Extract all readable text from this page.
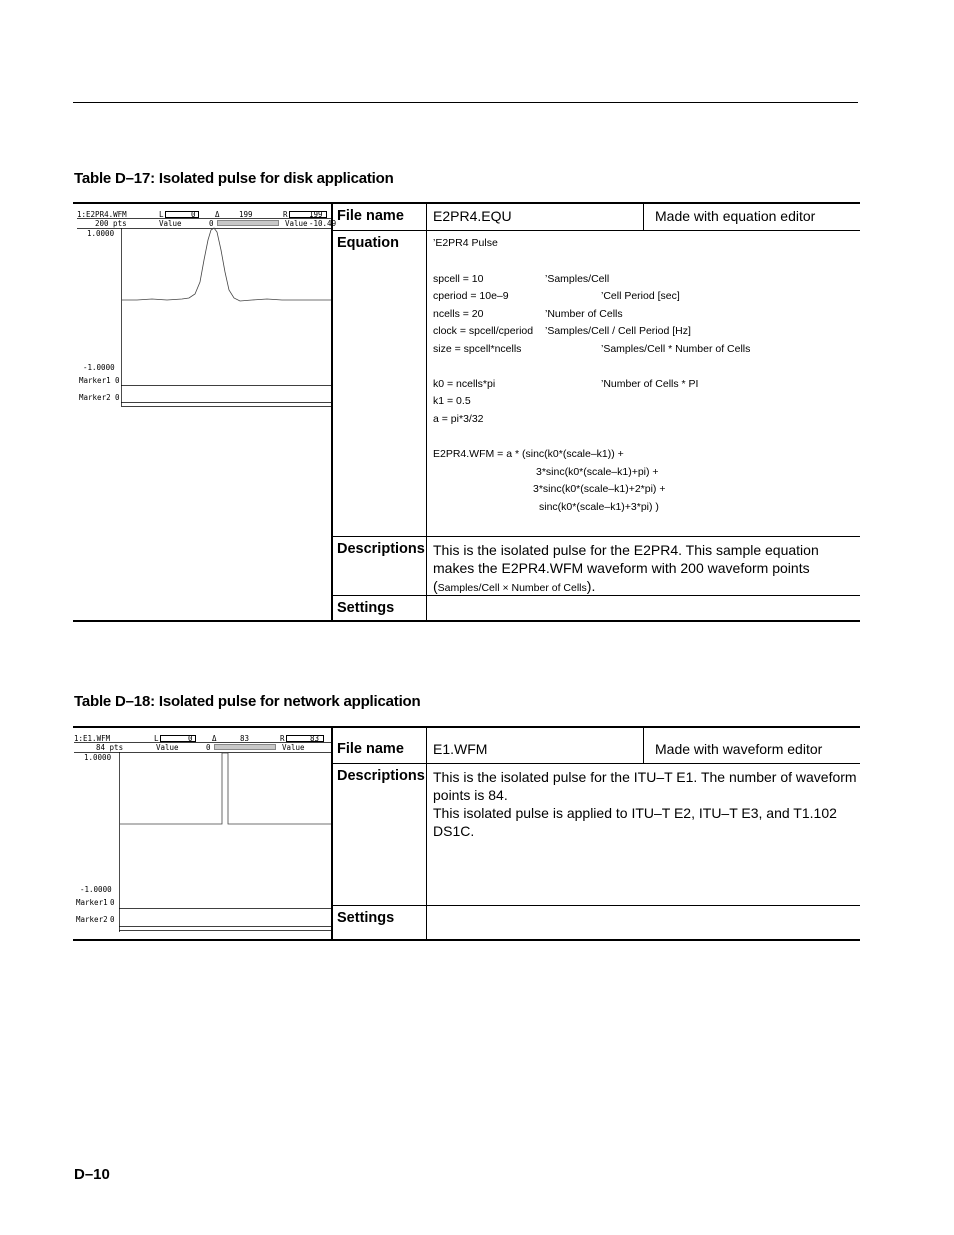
Table D–17: Isolated pulse for disk application
1:E2PR4.WFM
200 pts
L	0	Δ	199	R	199
Value	0	Value -10.49
1.0000
-1.0000
Marker1 0
Marker2 0
File name	E2PR4.EQU	Made with equation editor
Equation	’E2PR4 Pulse
spcell = 10	’Samples/Cell
cperiod = 10e–9	’Cell Period [sec]
ncells = 20	’Number of Cells
clock = spcell/cperiod ’Samples/Cell / Cell Period [Hz]
size = spcell*ncells	’Samples/Cell * Number of Cells
k0 = ncells*pi	’Number of Cells * PI
k1 = 0.5
a = pi*3/32
E2PR4.WFM = a * (sinc(k0*(scale–k1)) +
3*sinc(k0*(scale–k1)+pi) +
3*sinc(k0*(scale–k1)+2*pi) +
sinc(k0*(scale–k1)+3*pi) )
Descriptions This is the isolated pulse for the E2PR4. This sample equation makes the E2PR4.WFM waveform with 200 waveform points (Samples/Cell × Number of Cells).
Settings
Table D–18: Isolated pulse for network application
1:E1.WFM
84 pts
L	0	Δ	83	R	83
Value	0	Value
1.0000
-1.0000
Marker1 0
Marker2 0
File name	E1.WFM	Made with waveform editor
Descriptions This is the isolated pulse for the ITU–T E1. The number of waveform points is 84.
This isolated pulse is applied to ITU–T E2, ITU–T E3, and T1.102 DS1C.
Settings
D–10
